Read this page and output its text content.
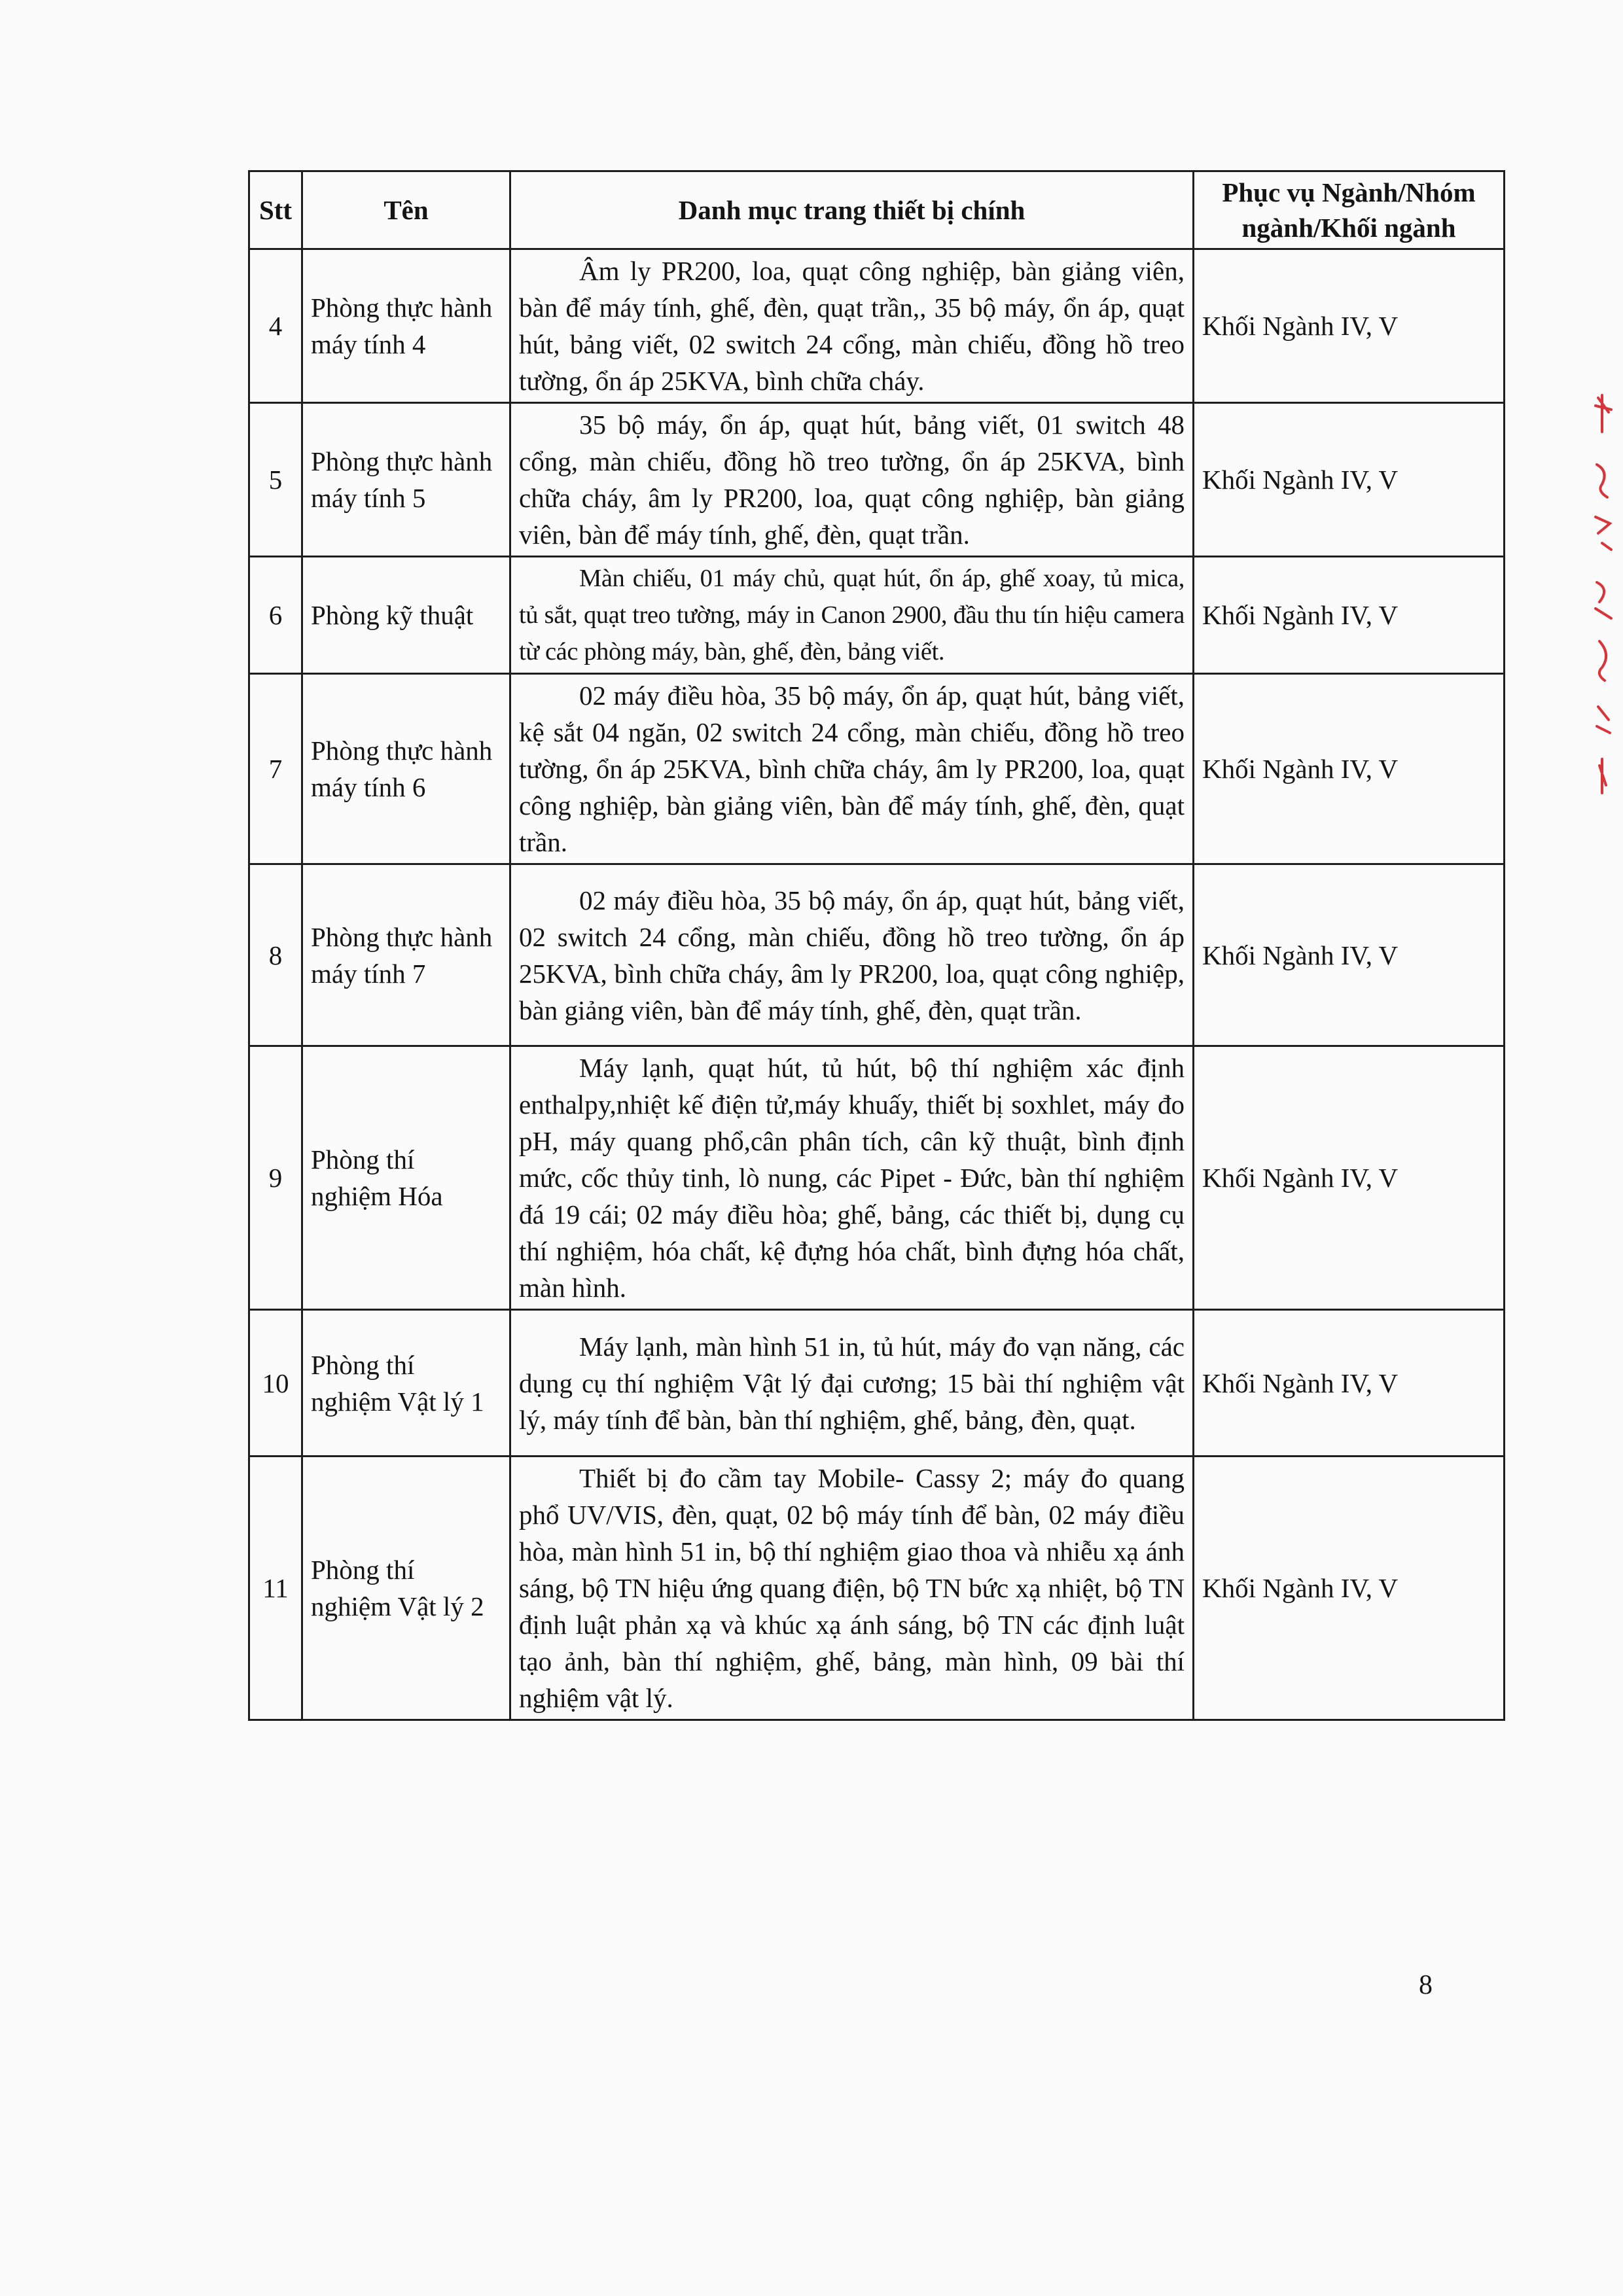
Stt	Tên	Danh mục trang thiết bị chính	Phục vụ Ngành/Nhóm ngành/Khối ngành
4	Phòng thực hành máy tính 4	Âm ly PR200, loa, quạt công nghiệp, bàn giảng viên, bàn để máy tính, ghế, đèn, quạt trần,, 35 bộ máy, ổn áp, quạt hút, bảng viết, 02 switch 24 cổng, màn chiếu, đồng hồ treo tường, ổn áp 25KVA, bình chữa cháy.	Khối Ngành IV, V
5	Phòng thực hành máy tính 5	35 bộ máy, ổn áp, quạt hút, bảng viết, 01 switch 48 cổng, màn chiếu, đồng hồ treo tường, ổn áp 25KVA, bình chữa cháy, âm ly PR200, loa, quạt công nghiệp, bàn giảng viên, bàn để máy tính, ghế, đèn, quạt trần.	Khối Ngành IV, V
6	Phòng kỹ thuật	Màn chiếu, 01 máy chủ, quạt hút, ổn áp, ghế xoay, tủ mica, tủ sắt, quạt treo tường, máy in Canon 2900, đầu thu tín hiệu camera từ các phòng máy, bàn, ghế, đèn, bảng viết.	Khối Ngành IV, V
7	Phòng thực hành máy tính 6	02 máy điều hòa, 35 bộ máy, ổn áp, quạt hút, bảng viết, kệ sắt 04 ngăn, 02 switch 24 cổng, màn chiếu, đồng hồ treo tường, ổn áp 25KVA, bình chữa cháy, âm ly PR200, loa, quạt công nghiệp, bàn giảng viên, bàn để máy tính, ghế, đèn, quạt trần.	Khối Ngành IV, V
8	Phòng thực hành máy tính 7	02 máy điều hòa, 35 bộ máy, ổn áp, quạt hút, bảng viết, 02 switch 24 cổng, màn chiếu, đồng hồ treo tường, ổn áp 25KVA, bình chữa cháy, âm ly PR200, loa, quạt công nghiệp, bàn giảng viên, bàn để máy tính, ghế, đèn, quạt trần.	Khối Ngành IV, V
9	Phòng thí nghiệm Hóa	Máy lạnh, quạt hút, tủ hút, bộ thí nghiệm xác định enthalpy,nhiệt kế điện tử,máy khuấy, thiết bị soxhlet, máy đo pH, máy quang phổ,cân phân tích, cân kỹ thuật, bình định mức, cốc thủy tinh, lò nung, các Pipet - Đức, bàn thí nghiệm đá 19 cái; 02 máy điều hòa; ghế, bảng, các thiết bị, dụng cụ thí nghiệm, hóa chất, kệ đựng hóa chất, bình đựng hóa chất, màn hình.	Khối Ngành IV, V
10	Phòng thí nghiệm Vật lý 1	Máy lạnh, màn hình 51 in, tủ hút, máy đo vạn năng, các dụng cụ thí nghiệm Vật lý đại cương; 15 bài thí nghiệm vật lý, máy tính để bàn, bàn thí nghiệm, ghế, bảng, đèn, quạt.	Khối Ngành IV, V
11	Phòng thí nghiệm Vật lý 2	Thiết bị đo cầm tay Mobile- Cassy 2; máy đo quang phổ UV/VIS, đèn, quạt, 02 bộ máy tính để bàn, 02 máy điều hòa, màn hình 51 in, bộ thí nghiệm giao thoa và nhiễu xạ ánh sáng, bộ TN hiệu ứng quang điện, bộ TN bức xạ nhiệt, bộ TN định luật phản xạ và khúc xạ ánh sáng, bộ TN các định luật tạo ảnh, bàn thí nghiệm, ghế, bảng, màn hình, 09 bài thí nghiệm vật lý.	Khối Ngành IV, V
8
